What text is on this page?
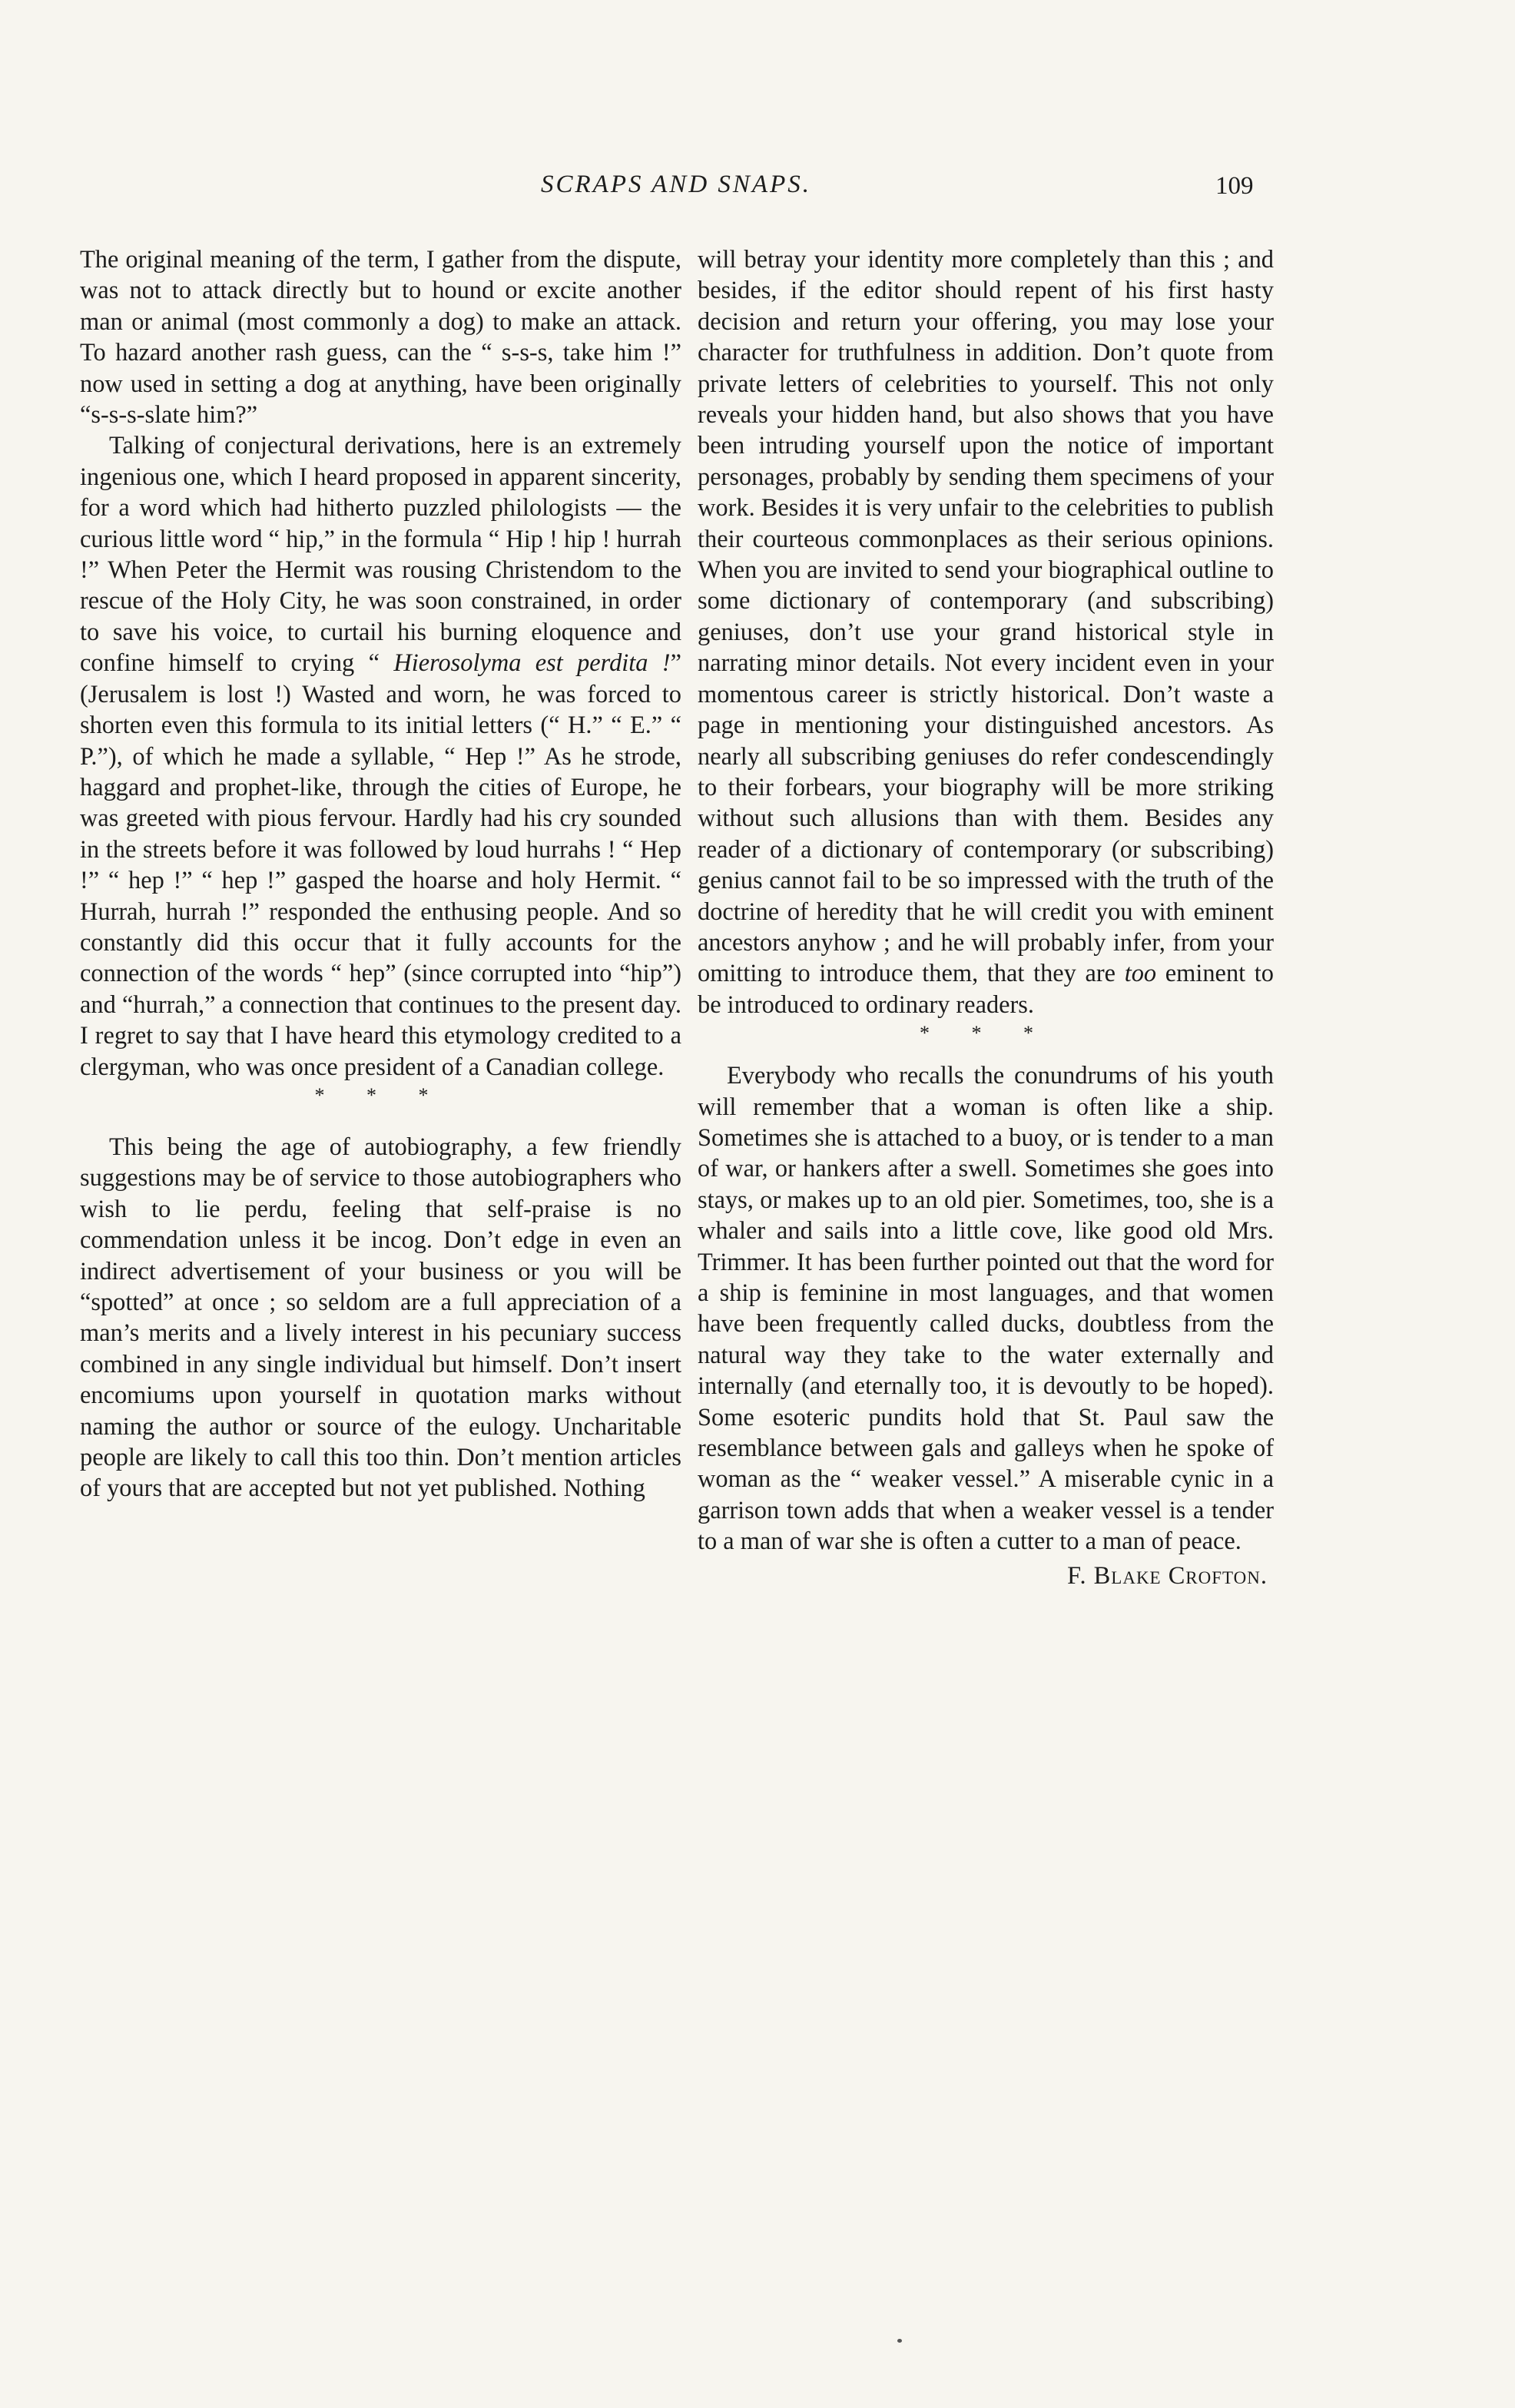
SCRAPS AND SNAPS.	109

The original meaning of the term, I gather from the dispute, was not to attack directly but to hound or excite another man or animal (most commonly a dog) to make an attack. To hazard another rash guess, can the “ s-s-s, take him !” now used in setting a dog at anything, have been originally “s-s-s-slate him?”

Talking of conjectural derivations, here is an extremely ingenious one, which I heard proposed in apparent sincerity, for a word which had hitherto puzzled philologists — the curious little word “ hip,” in the formula “ Hip ! hip ! hurrah !” When Peter the Hermit was rousing Christendom to the rescue of the Holy City, he was soon constrained, in order to save his voice, to curtail his burning eloquence and confine himself to crying “ Hierosolyma est perdita !” (Jerusalem is lost !) Wasted and worn, he was forced to shorten even this formula to its initial letters (“ H.” “ E.” “ P.”), of which he made a syllable, “ Hep !” As he strode, haggard and prophet-like, through the cities of Europe, he was greeted with pious fervour. Hardly had his cry sounded in the streets before it was followed by loud hurrahs ! “ Hep !” “ hep !” “ hep !” gasped the hoarse and holy Hermit. “ Hurrah, hurrah !” responded the enthusing people. And so constantly did this occur that it fully accounts for the connection of the words “ hep” (since corrupted into “hip”) and “hurrah,” a connection that continues to the present day. I regret to say that I have heard this etymology credited to a clergyman, who was once president of a Canadian college.

* * *

This being the age of autobiography, a few friendly suggestions may be of service to those autobiographers who wish to lie perdu, feeling that self-praise is no commendation unless it be incog. Don’t edge in even an indirect advertisement of your business or you will be “spotted” at once ; so seldom are a full appreciation of a man’s merits and a lively interest in his pecuniary success combined in any single individual but himself. Don’t insert encomiums upon yourself in quotation marks without naming the author or source of the eulogy. Uncharitable people are likely to call this too thin. Don’t mention articles of yours that are accepted but not yet published. Nothing

will betray your identity more completely than this ; and besides, if the editor should repent of his first hasty decision and return your offering, you may lose your character for truthfulness in addition. Don’t quote from private letters of celebrities to yourself. This not only reveals your hidden hand, but also shows that you have been intruding yourself upon the notice of important personages, probably by sending them specimens of your work. Besides it is very unfair to the celebrities to publish their courteous commonplaces as their serious opinions. When you are invited to send your biographical outline to some dictionary of contemporary (and subscribing) geniuses, don’t use your grand historical style in narrating minor details. Not every incident even in your momentous career is strictly historical. Don’t waste a page in mentioning your distinguished ancestors. As nearly all subscribing geniuses do refer condescendingly to their forbears, your biography will be more striking without such allusions than with them. Besides any reader of a dictionary of contemporary (or subscribing) genius cannot fail to be so impressed with the truth of the doctrine of heredity that he will credit you with eminent ancestors anyhow ; and he will probably infer, from your omitting to introduce them, that they are too eminent to be introduced to ordinary readers.

* * *

Everybody who recalls the conundrums of his youth will remember that a woman is often like a ship. Sometimes she is attached to a buoy, or is tender to a man of war, or hankers after a swell. Sometimes she goes into stays, or makes up to an old pier. Sometimes, too, she is a whaler and sails into a little cove, like good old Mrs. Trimmer. It has been further pointed out that the word for a ship is feminine in most languages, and that women have been frequently called ducks, doubtless from the natural way they take to the water externally and internally (and eternally too, it is devoutly to be hoped). Some esoteric pundits hold that St. Paul saw the resemblance between gals and galleys when he spoke of woman as the “ weaker vessel.” A miserable cynic in a garrison town adds that when a weaker vessel is a tender to a man of war she is often a cutter to a man of peace.

F. Blake Crofton.
